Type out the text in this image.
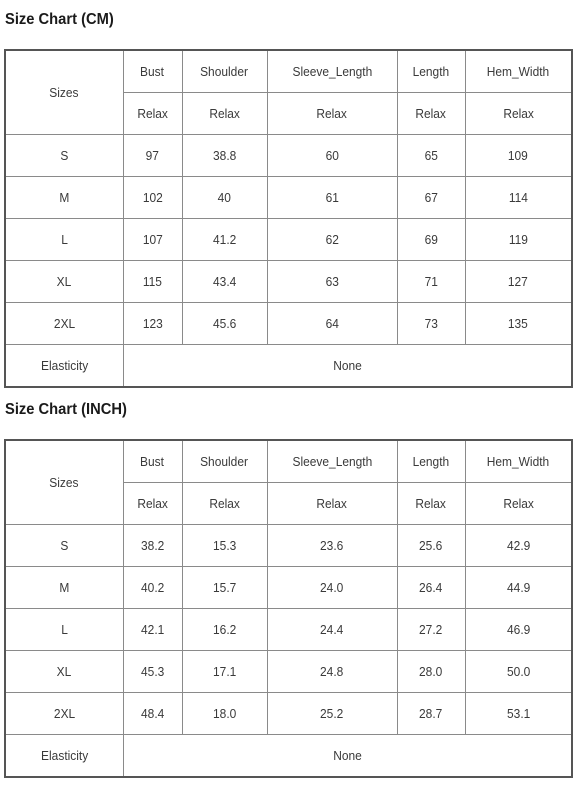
Size Chart (CM)
Sizes	Bust	Shoulder	Sleeve_Length	Length	Hem_Width
	Relax	Relax	Relax	Relax	Relax
S	97	38.8	60	65	109
M	102	40	61	67	114
L	107	41.2	62	69	119
XL	115	43.4	63	71	127
2XL	123	45.6	64	73	135
Elasticity	None				
Size Chart (INCH)
Sizes	Bust	Shoulder	Sleeve_Length	Length	Hem_Width
	Relax	Relax	Relax	Relax	Relax
S	38.2	15.3	23.6	25.6	42.9
M	40.2	15.7	24.0	26.4	44.9
L	42.1	16.2	24.4	27.2	46.9
XL	45.3	17.1	24.8	28.0	50.0
2XL	48.4	18.0	25.2	28.7	53.1
Elasticity	None				
